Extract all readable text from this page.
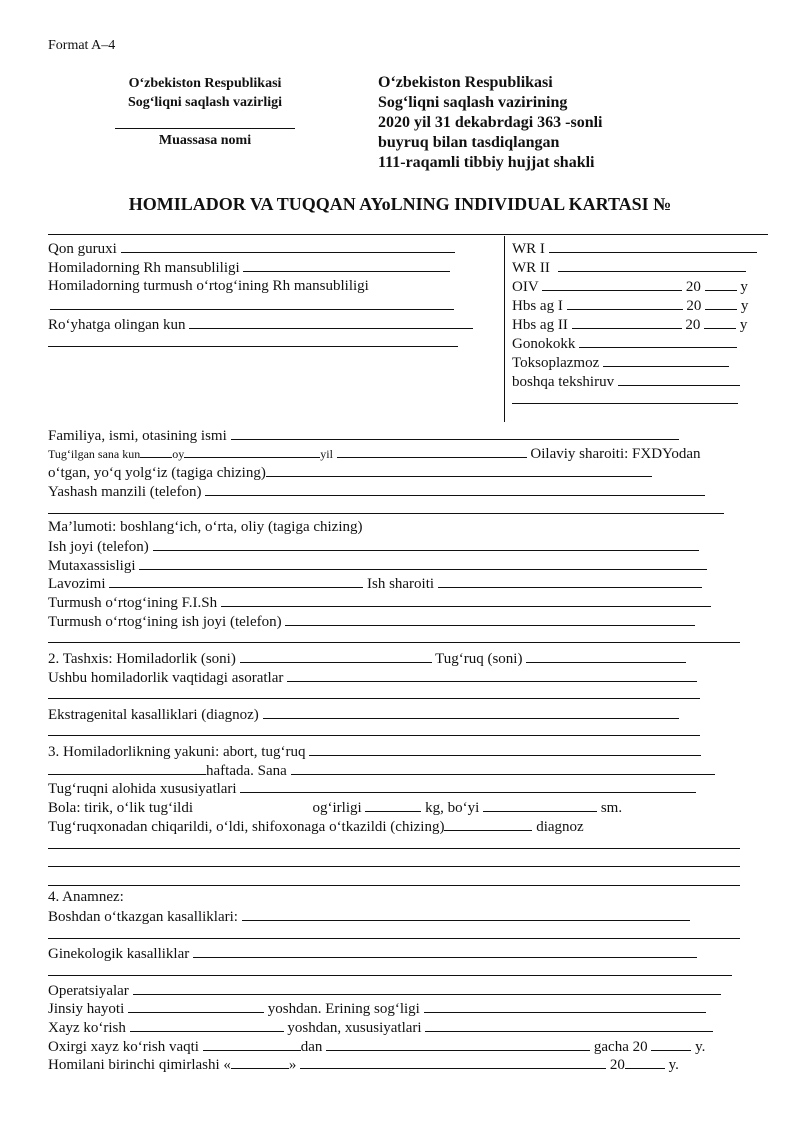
Format A–4
O‘zbekiston Respublikasi
Sog‘liqni saqlash vazirligi
Muassasa nomi
O‘zbekiston Respublikasi
Sog‘liqni saqlash vazirining
2020 yil 31 dekabrdagi 363 -sonli
buyruq bilan tasdiqlangan
111-raqamli tibbiy hujjat shakli
HOMILADOR VA TUQQAN AYoLNING INDIVIDUAL KARTASI №
Qon guruxi
Homiladorning Rh mansubliligi
Homiladorning turmush o‘rtog‘ining Rh mansubliligi
Ro‘yhatga olingan kun
WR I
WR II
OIV	20	y
Hbs ag I	20	y
Hbs ag II	20	y
Gonokokk
Toksoplazmoz
boshqa tekshiruv
Familiya, ismi, otasining ismi
Tug‘ilgan sana kun	oy	yil	Oilaviy sharoiti: FXDYodan
o‘tgan, yo‘q yolg‘iz (tagiga chizing)
Yashash manzili (telefon)
Ma’lumoti: boshlang‘ich, o‘rta, oliy (tagiga chizing)
Ish joyi (telefon)
Mutaxassisligi
Lavozimi	Ish sharoiti
Turmush o‘rtog‘ining F.I.Sh
Turmush o‘rtog‘ining ish joyi (telefon)
2. Tashxis: Homiladorlik (soni)	Tug‘ruq (soni)
Ushbu homiladorlik vaqtidagi asoratlar
Ekstragenital kasalliklari (diagnoz)
3. Homiladorlikning yakuni: abort, tug‘ruq
haftada. Sana
Tug‘ruqni alohida xususiyatlari
Bola: tirik, o‘lik tug‘ildi	og‘irligi	kg, bo‘yi	sm.
Tug‘ruqxonadan chiqarildi, o‘ldi, shifoxonaga o‘tkazildi (chizing)	diagnoz
4. Anamnez:
Boshdan o‘tkazgan kasalliklari:
Ginekologik kasalliklar
Operatsiyalar
Jinsiy hayoti	yoshdan. Erining sog‘ligi
Xayz ko‘rish	yoshdan, xususiyatlari
Oxirgi xayz ko‘rish vaqti	dan	gacha 20	y.
Homilani birinchi qimirlashi «	»	20	y.
